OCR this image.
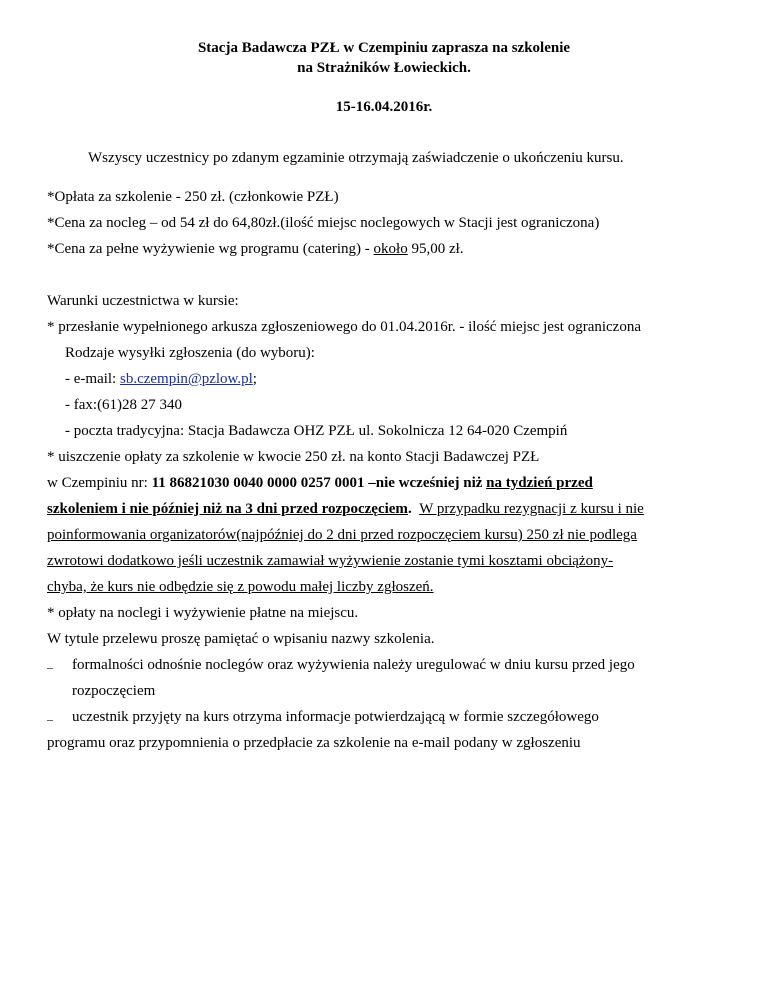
Stacja Badawcza PZŁ w Czempiniu zaprasza na szkolenie
na Strażników Łowieckich.
15-16.04.2016r.
Wszyscy uczestnicy po zdanym egzaminie otrzymają zaświadczenie o ukończeniu kursu.
*Opłata za szkolenie - 250 zł. (członkowie PZŁ)
*Cena za nocleg – od 54 zł do 64,80zł.(ilość miejsc noclegowych w Stacji jest ograniczona)
*Cena za pełne wyżywienie wg programu (catering) - około 95,00 zł.
Warunki uczestnictwa w kursie:
* przesłanie wypełnionego arkusza zgłoszeniowego do 01.04.2016r. - ilość miejsc jest ograniczona
Rodzaje wysyłki zgłoszenia (do wyboru):
- e-mail: sb.czempin@pzlow.pl;
- fax:(61)28 27 340
- poczta tradycyjna: Stacja Badawcza OHZ PZŁ ul. Sokolnicza 12 64-020 Czempiń
* uiszczenie opłaty za szkolenie w kwocie 250 zł. na konto Stacji Badawczej PZŁ
w Czempiniu nr: 11 86821030 0040 0000 0257 0001 –nie wcześniej niż na tydzień przed
szkoleniem i nie później niż na 3 dni przed rozpoczęciem. W przypadku rezygnacji z kursu i nie
poinformowania organizatorów(najpóźniej do 2 dni przed rozpoczęciem kursu) 250 zł nie podlega
zwrotowi dodatkowo jeśli uczestnik zamawiał wyżywienie zostanie tymi kosztami obciążony-
chyba, że kurs nie odbędzie się z powodu małej liczby zgłoszeń.
* opłaty na noclegi i wyżywienie płatne na miejscu.
W tytule przelewu proszę pamiętać o wpisaniu nazwy szkolenia.
– formalności odnośnie noclegów oraz wyżywienia należy uregulować w dniu kursu przed jego
rozpoczęciem
– uczestnik przyjęty na kurs otrzyma informacje potwierdzającą w formie szczegółowego
programu oraz przypomnienia o przedpłacie za szkolenie na e-mail podany w zgłoszeniu
